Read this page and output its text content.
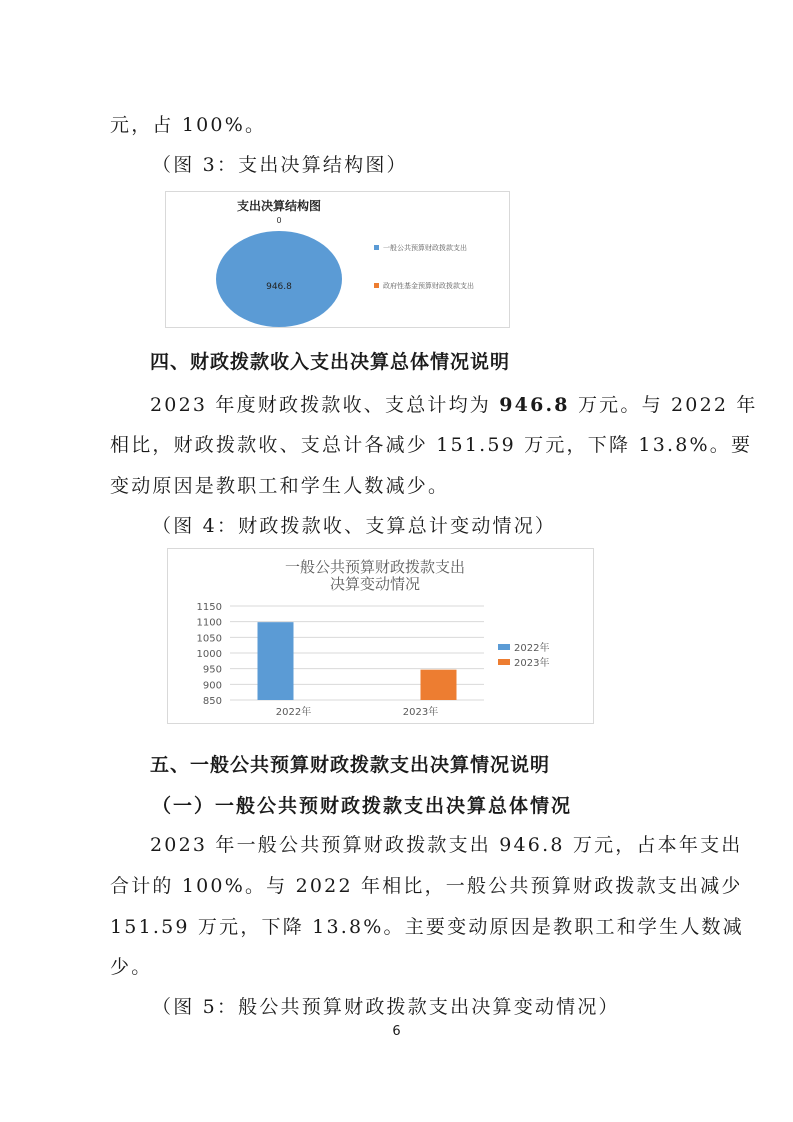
元，占 100%。
（图 3：支出决算结构图）
支出决算结构图
0
946.8
一般公共预算财政拨款支出
政府性基金预算财政拨款支出
四、财政拨款收入支出决算总体情况说明
2023 年度财政拨款收、支总计均为 946.8 万元。与 2022 年
相比，财政拨款收、支总计各减少 151.59 万元，下降 13.8%。要
变动原因是教职工和学生人数减少。
（图 4：财政拨款收、支算总计变动情况）
一般公共预算财政拨款支出
决算变动情况
850
900
950
1000
1050
1100
1150
2022年	2023年
2022年
2023年
五、一般公共预算财政拨款支出决算情况说明
（一）一般公共预财政拨款支出决算总体情况
2023 年一般公共预算财政拨款支出 946.8 万元，占本年支出
合计的 100%。与 2022 年相比，一般公共预算财政拨款支出减少
151.59 万元，下降 13.8%。主要变动原因是教职工和学生人数减
少。
（图 5：般公共预算财政拨款支出决算变动情况）
6
